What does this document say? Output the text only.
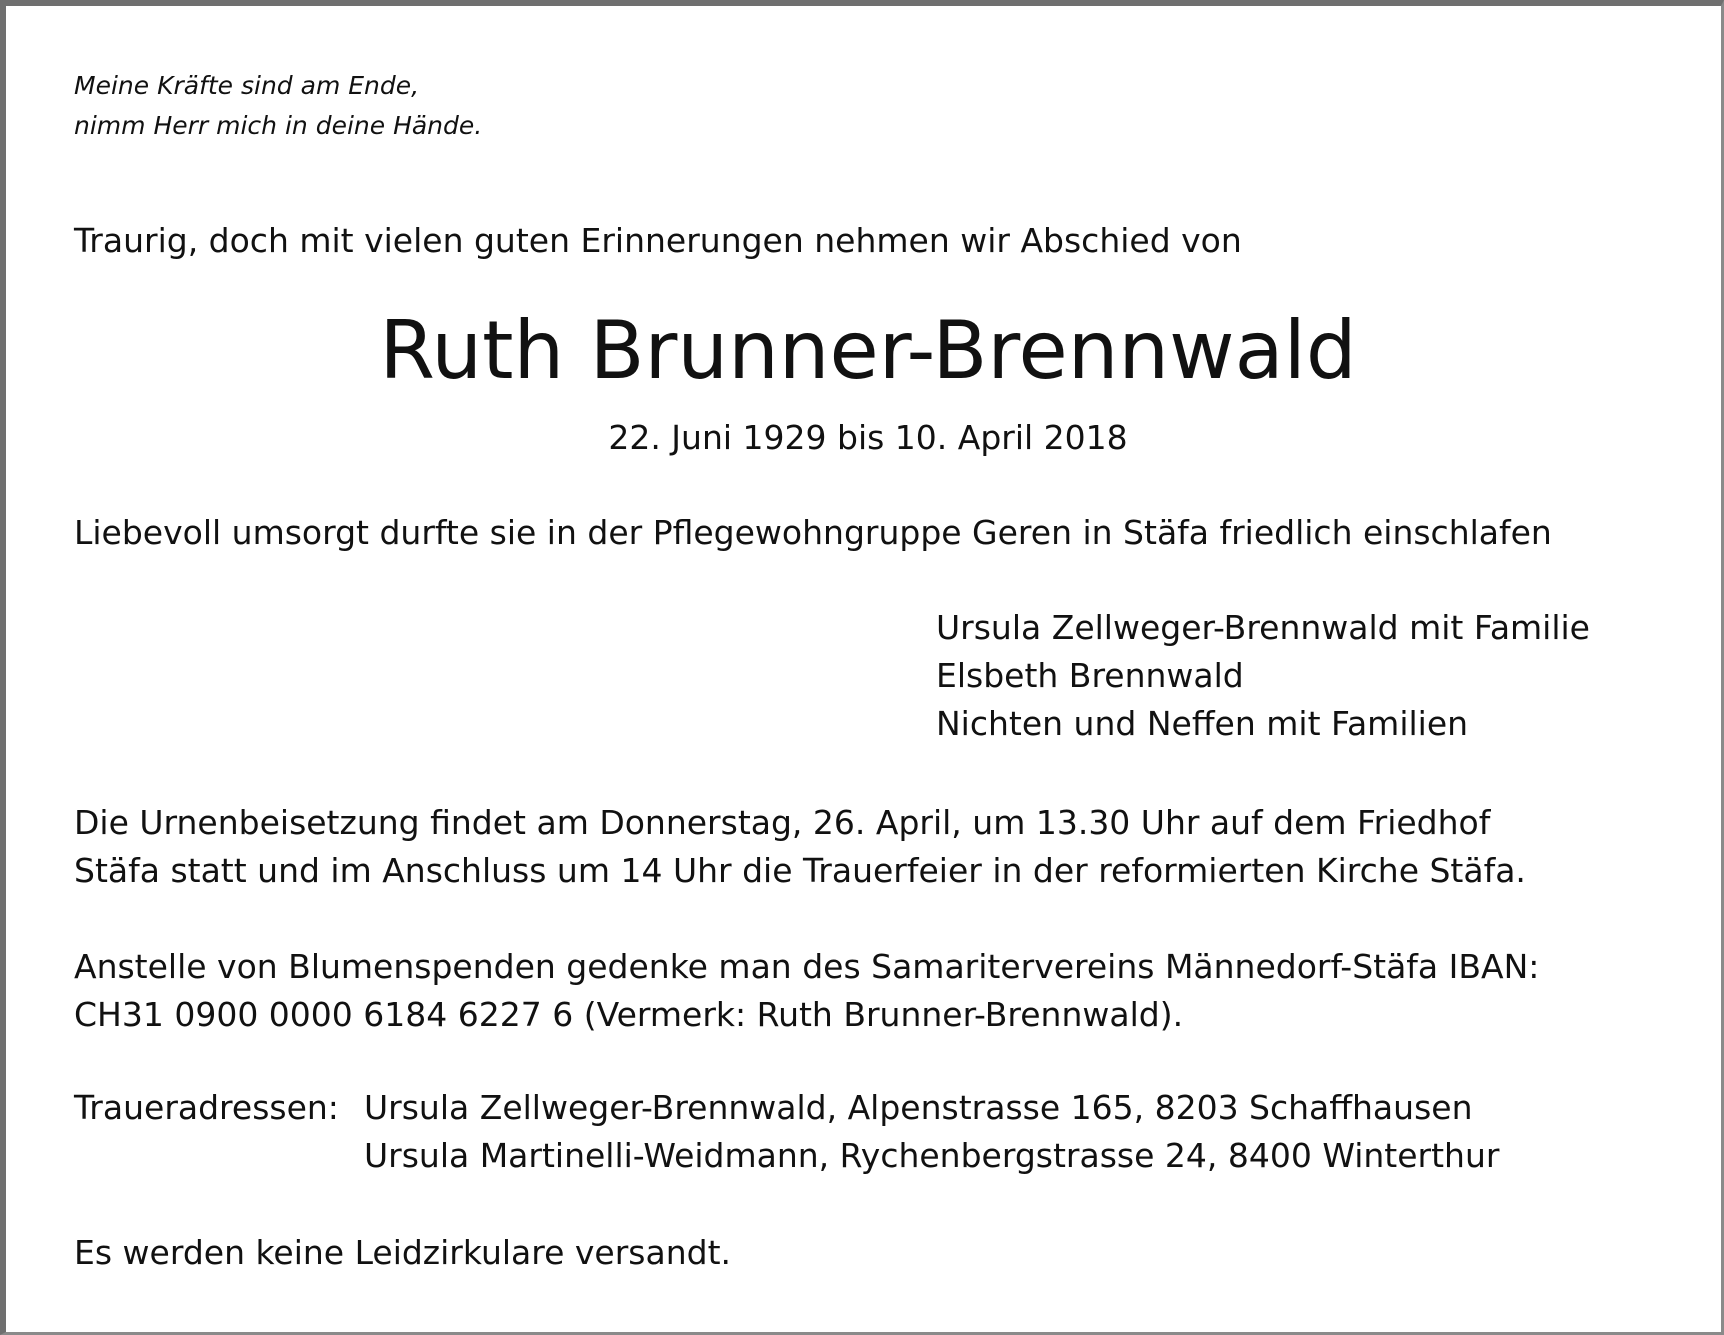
Meine Kräfte sind am Ende,
nimm Herr mich in deine Hände.

Traurig, doch mit vielen guten Erinnerungen nehmen wir Abschied von

Ruth Brunner-Brennwald

22. Juni 1929 bis 10. April 2018

Liebevoll umsorgt durfte sie in der Pflegewohngruppe Geren in Stäfa friedlich einschlafen

Ursula Zellweger-Brennwald mit Familie
Elsbeth Brennwald
Nichten und Neffen mit Familien
Die Urnenbeisetzung findet am Donnerstag, 26. April, um 13.30 Uhr auf dem Friedhof
Stäfa statt und im Anschluss um 14 Uhr die Trauerfeier in der reformierten Kirche Stäfa.
Anstelle von Blumenspenden gedenke man des Samaritervereins Männedorf-Stäfa IBAN:
CH31 0900 0000 6184 6227 6 (Vermerk: Ruth Brunner-Brennwald).
Traueradressen: Ursula Zellweger-Brennwald, Alpenstrasse 165, 8203 Schaffhausen
Ursula Martinelli-Weidmann, Rychenbergstrasse 24, 8400 Winterthur

Es werden keine Leidzirkulare versandt.
